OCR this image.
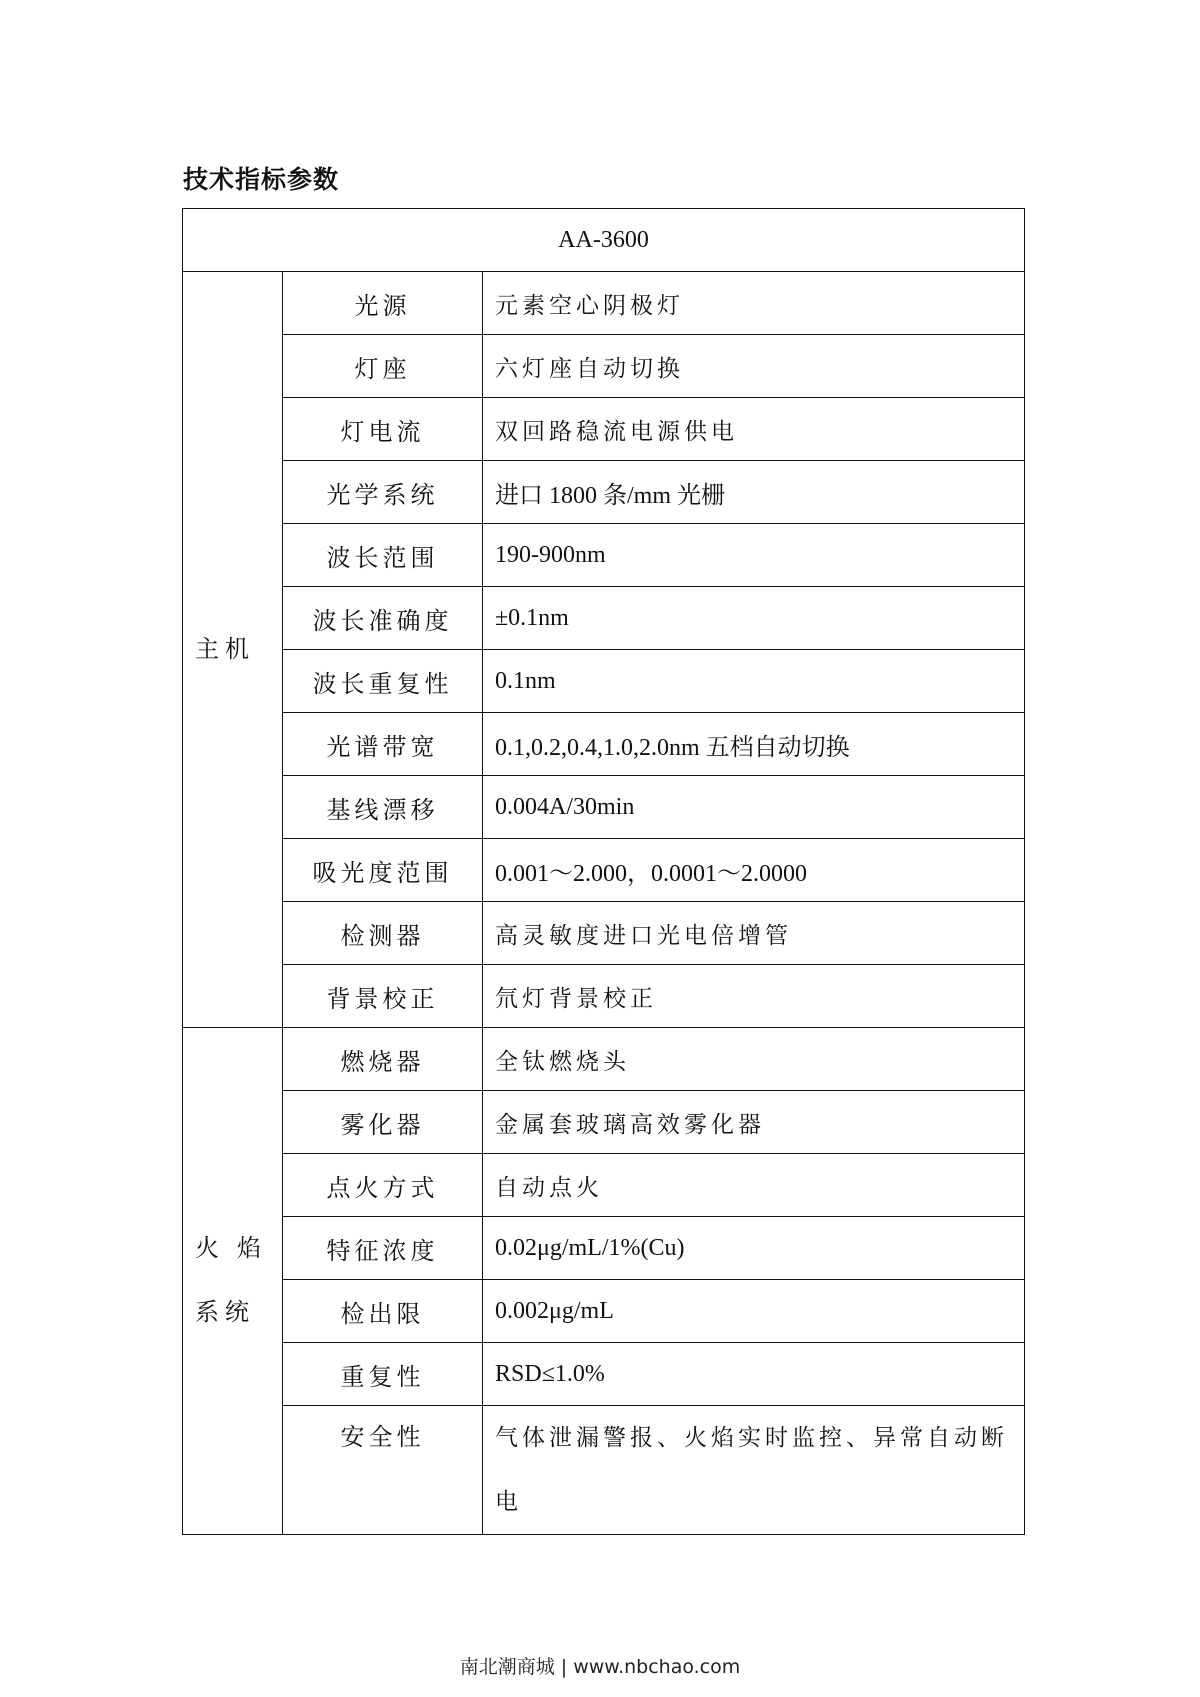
技术指标参数
AA-3600		

主机	光源	元素空心阴极灯
	灯座	六灯座自动切换
	灯电流	双回路稳流电源供电
	光学系统	进口 1800 条/mm 光栅
	波长范围	190-900nm
	波长准确度	±0.1nm
	波长重复性	0.1nm
	光谱带宽	0.1,0.2,0.4,1.0,2.0nm 五档自动切换
	基线漂移	0.004A/30min
	吸光度范围	0.001～2.000，0.0001～2.0000
	检测器	高灵敏度进口光电倍增管
	背景校正	氘灯背景校正

火 焰
系统	燃烧器	全钛燃烧头
	雾化器	金属套玻璃高效雾化器
	点火方式	自动点火
	特征浓度	0.02μg/mL/1%(Cu)
	检出限	0.002μg/mL
	重复性	RSD≤1.0%
	安全性	气体泄漏警报、火焰实时监控、异常自动断电
南北潮商城 | www.nbchao.com
